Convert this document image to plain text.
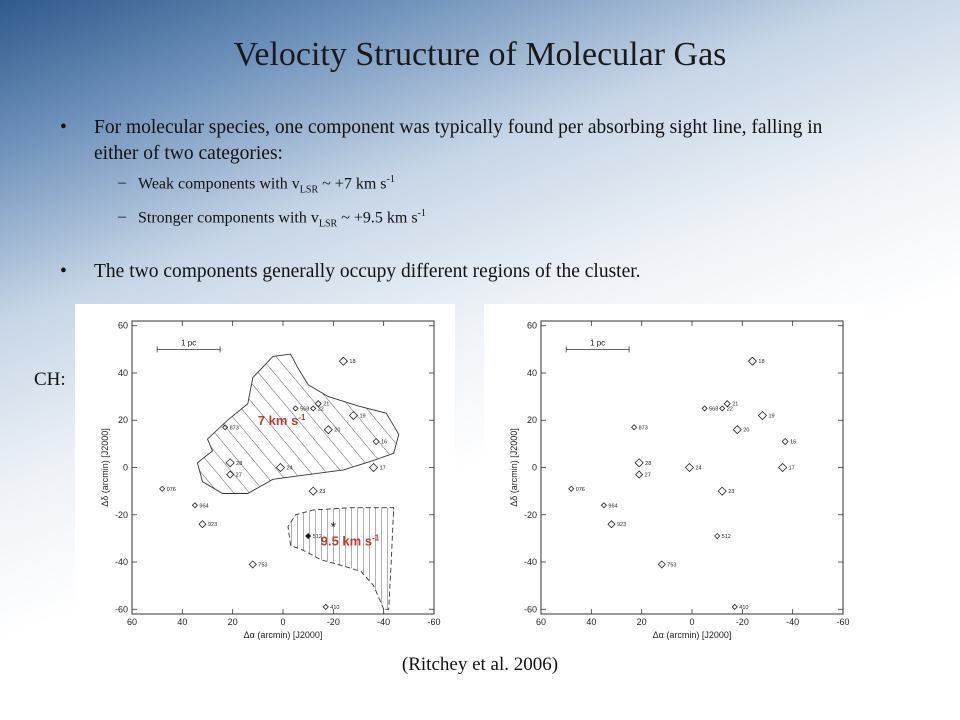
Velocity Structure of Molecular Gas
• For molecular species, one component was typically found per absorbing sight line, falling in either of two categories:
– Weak components with $v_{LSR}$ ~ +7 km $s^{-1}$
– Stronger components with $v_{LSR}$ ~ +9.5 km $s^{-1}$
• The two components generally occupy different regions of the cluster.
CH:
60	40	20	0	-20	-40	-60
60
40
20
0
-20
-40
-60
Δα (arcmin) [J2000]
Δδ (arcmin) [J2000]
1 pc
*
18
21
22
568
19
873	20
16
28
24
27
17
076	23
964
923
512
753
410
7 km $s^{-1}$
9.5 km $s^{-1}$
60	40	20	0	-20	-40	-60
60
40
20
0
-20
-40
-60
Δα (arcmin) [J2000]
Δδ (arcmin) [J2000]
1 pc
18
21
22
568
19
873	20
16
28
24
27
17
076	23
964
923
512
753
410
(Ritchey et al. 2006)
